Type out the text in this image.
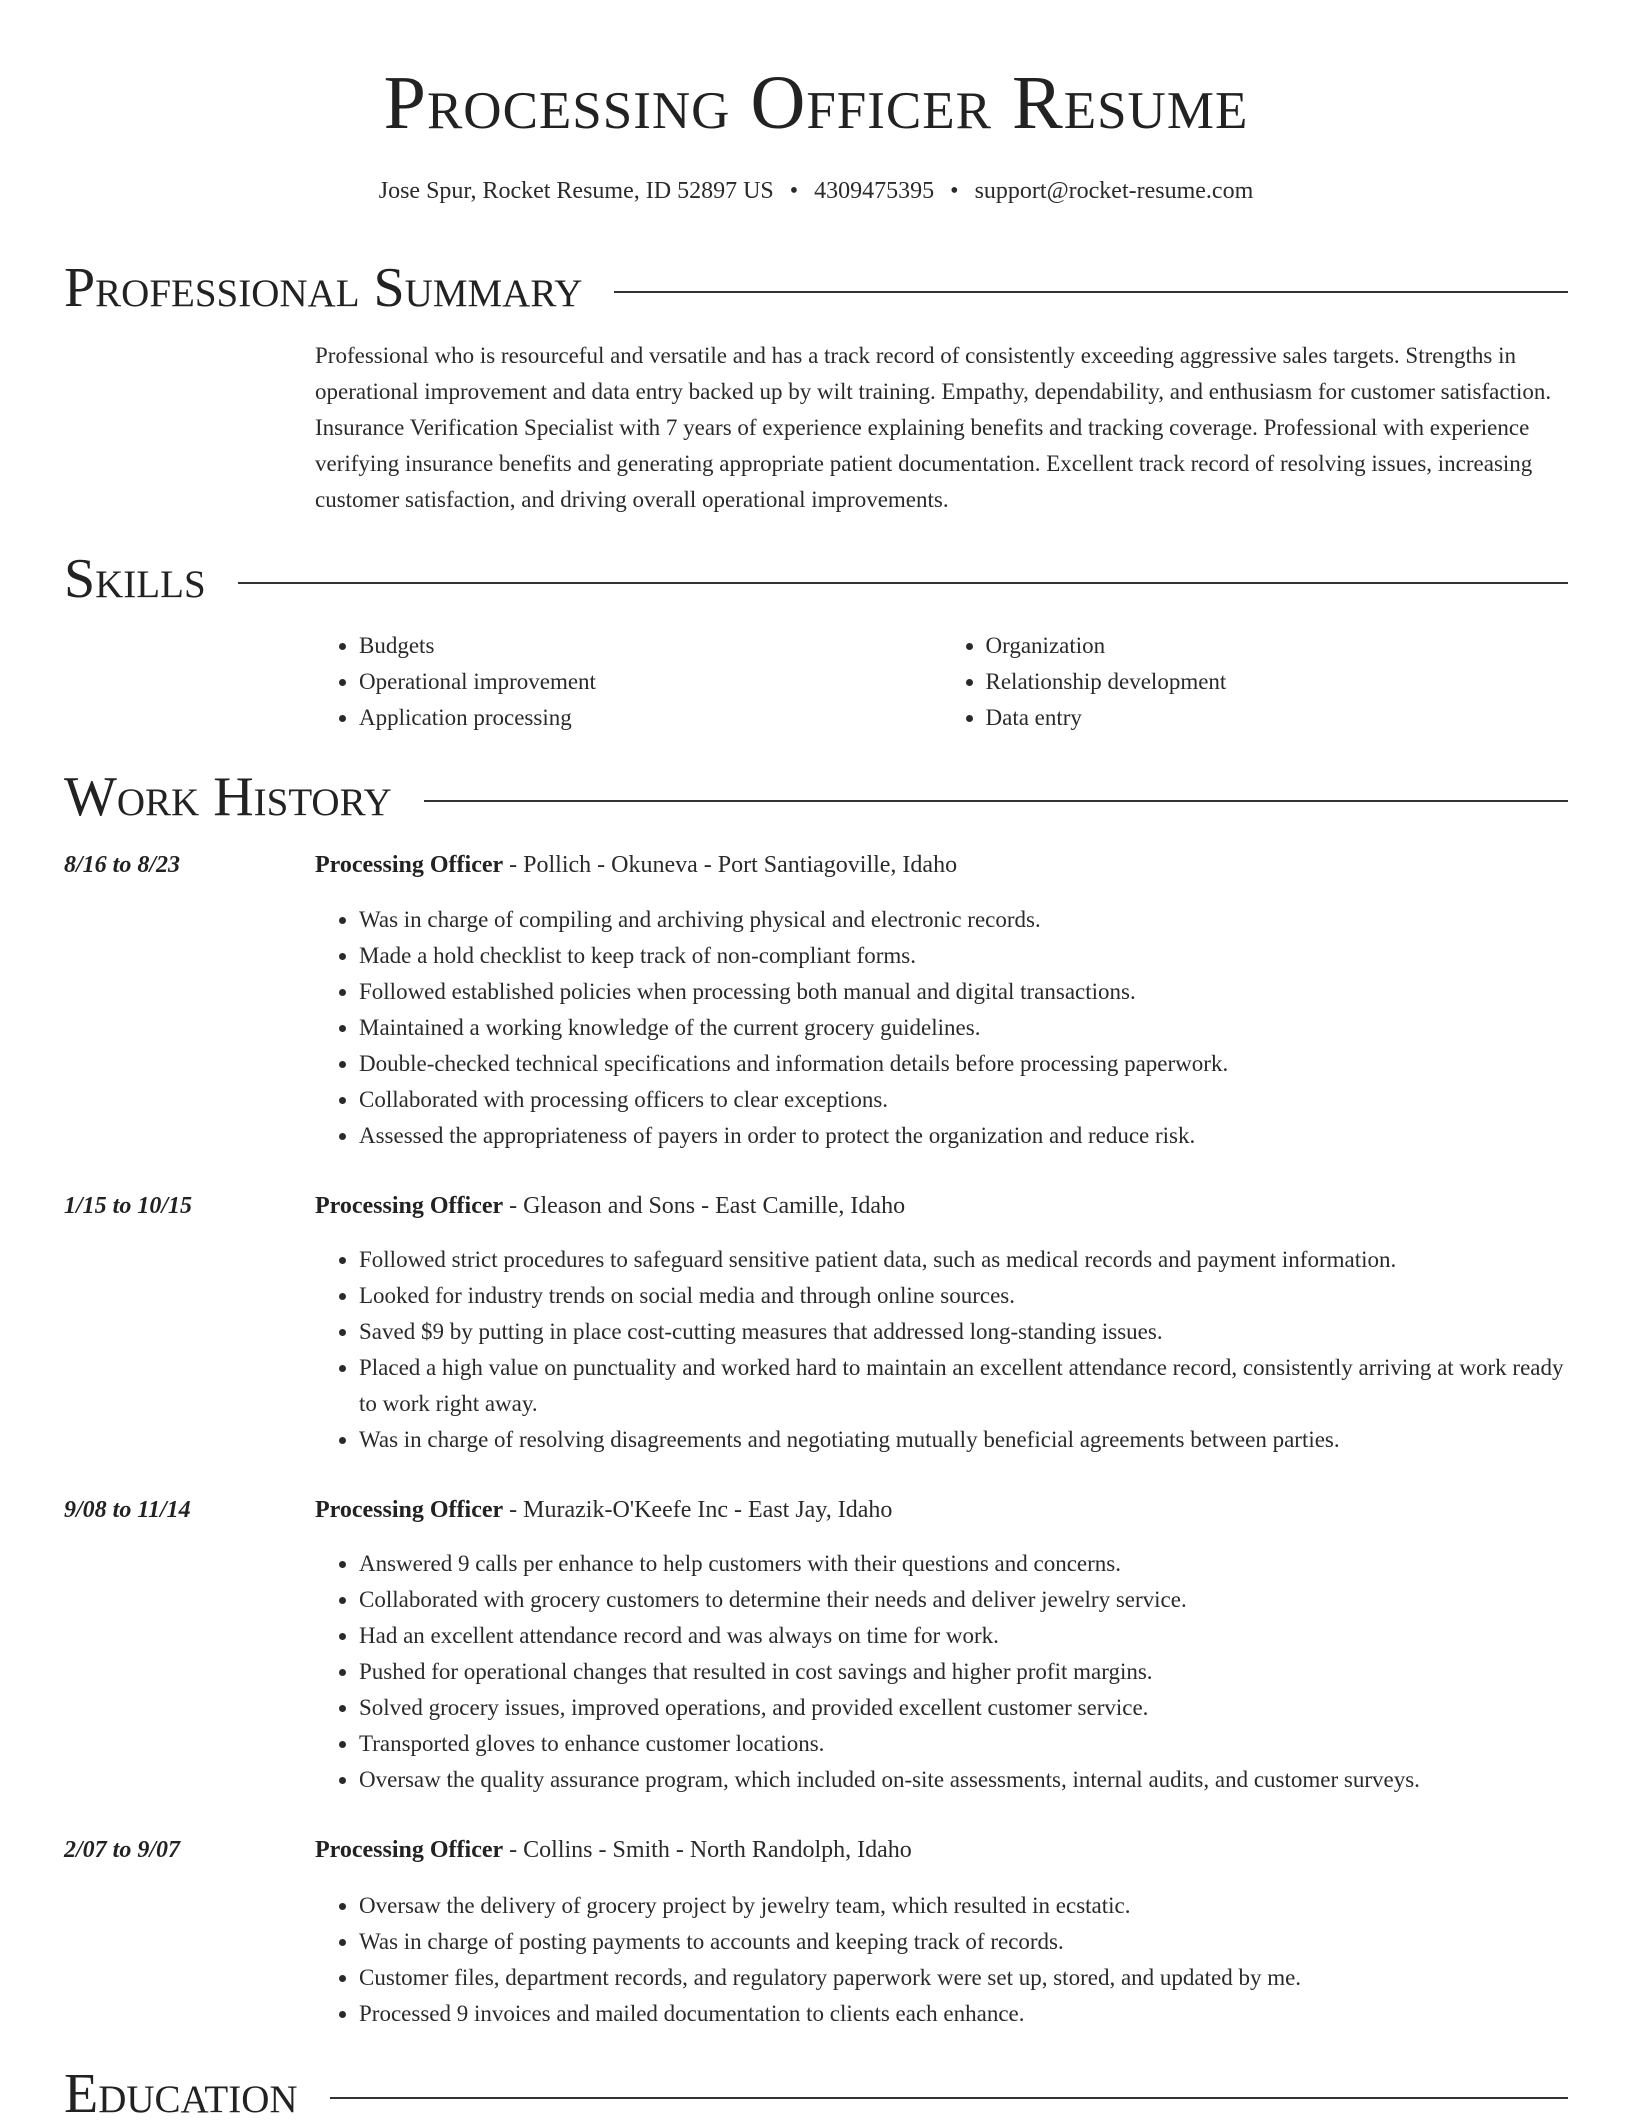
Processing Officer Resume
Jose Spur, Rocket Resume, ID 52897 US • 4309475395 • support@rocket-resume.com
Professional Summary
Professional who is resourceful and versatile and has a track record of consistently exceeding aggressive sales targets. Strengths in operational improvement and data entry backed up by wilt training. Empathy, dependability, and enthusiasm for customer satisfaction. Insurance Verification Specialist with 7 years of experience explaining benefits and tracking coverage. Professional with experience verifying insurance benefits and generating appropriate patient documentation. Excellent track record of resolving issues, increasing customer satisfaction, and driving overall operational improvements.
Skills
• Budgets
• Operational improvement
• Application processing
• Organization
• Relationship development
• Data entry
Work History
8/16 to 8/23	Processing Officer - Pollich - Okuneva - Port Santiagoville, Idaho
• Was in charge of compiling and archiving physical and electronic records.
• Made a hold checklist to keep track of non-compliant forms.
• Followed established policies when processing both manual and digital transactions.
• Maintained a working knowledge of the current grocery guidelines.
• Double-checked technical specifications and information details before processing paperwork.
• Collaborated with processing officers to clear exceptions.
• Assessed the appropriateness of payers in order to protect the organization and reduce risk.
1/15 to 10/15	Processing Officer - Gleason and Sons - East Camille, Idaho
• Followed strict procedures to safeguard sensitive patient data, such as medical records and payment information.
• Looked for industry trends on social media and through online sources.
• Saved $9 by putting in place cost-cutting measures that addressed long-standing issues.
• Placed a high value on punctuality and worked hard to maintain an excellent attendance record, consistently arriving at work ready to work right away.
• Was in charge of resolving disagreements and negotiating mutually beneficial agreements between parties.
9/08 to 11/14	Processing Officer - Murazik-O'Keefe Inc - East Jay, Idaho
• Answered 9 calls per enhance to help customers with their questions and concerns.
• Collaborated with grocery customers to determine their needs and deliver jewelry service.
• Had an excellent attendance record and was always on time for work.
• Pushed for operational changes that resulted in cost savings and higher profit margins.
• Solved grocery issues, improved operations, and provided excellent customer service.
• Transported gloves to enhance customer locations.
• Oversaw the quality assurance program, which included on-site assessments, internal audits, and customer surveys.
2/07 to 9/07	Processing Officer - Collins - Smith - North Randolph, Idaho
• Oversaw the delivery of grocery project by jewelry team, which resulted in ecstatic.
• Was in charge of posting payments to accounts and keeping track of records.
• Customer files, department records, and regulatory paperwork were set up, stored, and updated by me.
• Processed 9 invoices and mailed documentation to clients each enhance.
Education
